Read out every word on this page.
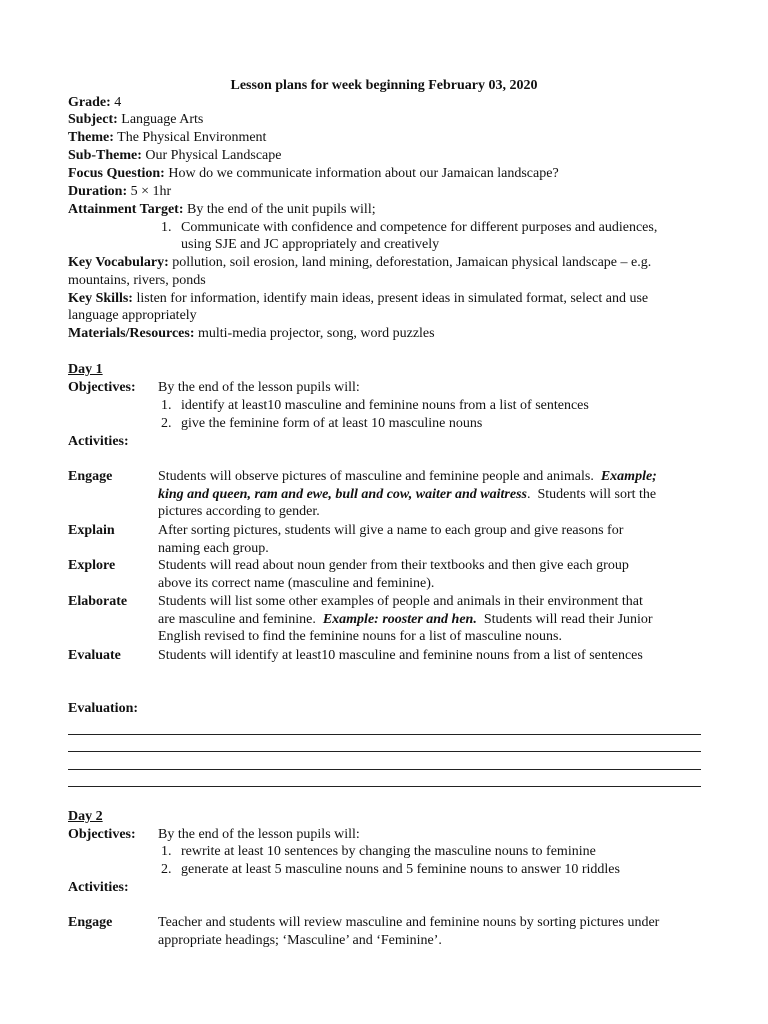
Lesson plans for week beginning February 03, 2020
Grade: 4
Subject: Language Arts
Theme: The Physical Environment
Sub-Theme: Our Physical Landscape
Focus Question: How do we communicate information about our Jamaican landscape?
Duration: 5 × 1hr
Attainment Target: By the end of the unit pupils will;
1. Communicate with confidence and competence for different purposes and audiences,
using SJE and JC appropriately and creatively
Key Vocabulary: pollution, soil erosion, land mining, deforestation, Jamaican physical landscape – e.g.
mountains, rivers, ponds
Key Skills: listen for information, identify main ideas, present ideas in simulated format, select and use
language appropriately
Materials/Resources: multi-media projector, song, word puzzles
Day 1
Objectives: By the end of the lesson pupils will:
1. identify at least10 masculine and feminine nouns from a list of sentences
2. give the feminine form of at least 10 masculine nouns
Activities:
Engage	Students will observe pictures of masculine and feminine people and animals. Example;
king and queen, ram and ewe, bull and cow, waiter and waitress.  Students will sort the
pictures according to gender.
Explain	After sorting pictures, students will give a name to each group and give reasons for
naming each group.
Explore	Students will read about noun gender from their textbooks and then give each group
above its correct name (masculine and feminine).
Elaborate Students will list some other examples of people and animals in their environment that
are masculine and feminine. Example: rooster and hen. Students will read their Junior
English revised to find the feminine nouns for a list of masculine nouns.
Evaluate	Students will identify at least10 masculine and feminine nouns from a list of sentences
Evaluation:
Day 2
Objectives: By the end of the lesson pupils will:
1. rewrite at least 10 sentences by changing the masculine nouns to feminine
2. generate at least 5 masculine nouns and 5 feminine nouns to answer 10 riddles
Activities:
Engage	Teacher and students will review masculine and feminine nouns by sorting pictures under
appropriate headings; ‘Masculine’ and ‘Feminine’.
